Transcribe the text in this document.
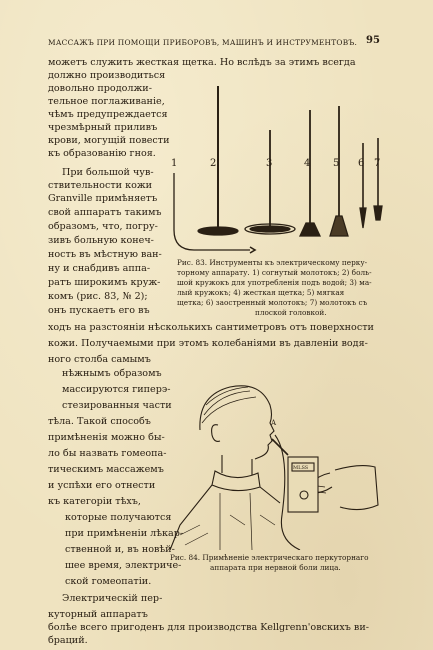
МАССАЖЪ ПРИ ПОМОЩИ ПРИБОРОВЪ, МАШИНЪ И ИНСТРУМЕНТОВЪ. 95
можетъ служить жесткая щетка. Но вслѣдъ за этимъ всегда
должно производиться
довольно продолжи-
тельное поглаживаніе,
чѣмъ предупреждается
чрезмѣрный приливъ
крови, могущій повести
къ образованію гноя.
При большой чув-
ствительности кожи
Granville примѣняетъ
свой аппаратъ такимъ
образомъ, что, погру-
зивъ больную конеч-
ность въ мѣстную ван-
ну и снабдивъ аппа-
ратъ широкимъ круж-
комъ (рис. 83, № 2);
онъ пускаетъ его въ
ходъ на разстояніи нѣсколькихъ сантиметровъ отъ поверхности
кожи. Получаемыми при этомъ колебаніями въ давленіи водя-
ного столба самымъ
нѣжнымъ образомъ
массируются гиперэ-
стезированныя части
тѣла. Такой способъ
примѣненія можно бы-
ло бы назвать гомеопа-
тическимъ массажемъ
и успѣхи его отнести
къ категоріи тѣхъ,
которые получаются
при примѣненіи лѣкар-
ственной и, въ новѣй-
шее время, электриче-
ской гомеопатіи.
Электрическій пер-
куторный аппаратъ
болѣе всего пригоденъ для производства Kellgrenn'овскихъ ви-
браций.
1	2	3	4 5 6 7
Рис. 83. Инструменты къ электрическому перку-
торному аппарату. 1) согнутый молотокъ; 2) боль-
шой кружокъ для употребленія подъ водой; 3) ма-
лый кружокъ; 4) жесткая щетка; 5) мягкая
щетка; 6) заостренный молотокъ; 7) молотокъ съ
плоской головкой.
A
MLSS
Рис. 84. Примѣненіе электрическаго перкуторнаго
аппарата при нервной боли лица.
